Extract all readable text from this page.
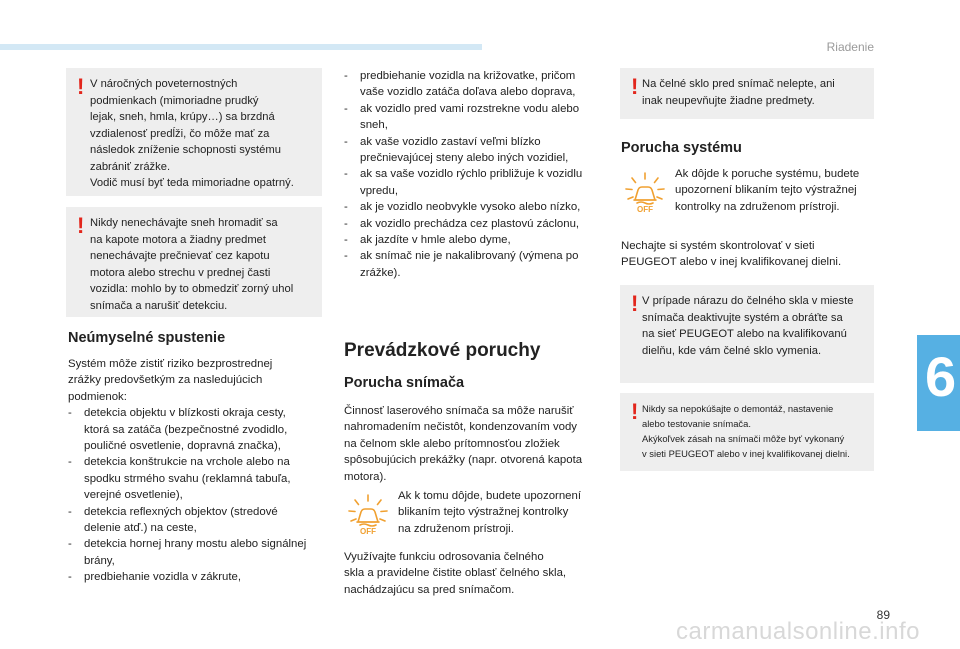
Riadenie
6
89
carmanualsonline.info
! V náročných poveternostných
podmienkach (mimoriadne prudký
lejak, sneh, hmla, krúpy…) sa brzdná
vzdialenosť predĺži, čo môže mať za
následok zníženie schopnosti systému
zabrániť zrážke.
Vodič musí byť teda mimoriadne opatrný.
! Nikdy nenechávajte sneh hromadiť sa
na kapote motora a žiadny predmet
nenechávajte prečnievať cez kapotu
motora alebo strechu v prednej časti
vozidla: mohlo by to obmedziť zorný uhol
snímača a narušiť detekciu.
Neúmyselné spustenie
Systém môže zistiť riziko bezprostrednej
zrážky predovšetkým za nasledujúcich
podmienok:
- detekcia objektu v blízkosti okraja cesty,
ktorá sa zatáča (bezpečnostné zvodidlo,
pouličné osvetlenie, dopravná značka),
- detekcia konštrukcie na vrchole alebo na
spodku strmého svahu (reklamná tabuľa,
verejné osvetlenie),
- detekcia reflexných objektov (stredové
delenie atď.) na ceste,
- detekcia hornej hrany mostu alebo signálnej
brány,
- predbiehanie vozidla v zákrute,
- predbiehanie vozidla na križovatke, pričom
vaše vozidlo zatáča doľava alebo doprava,
- ak vozidlo pred vami rozstrekne vodu alebo
sneh,
- ak vaše vozidlo zastaví veľmi blízko
prečnievajúcej steny alebo iných vozidiel,
- ak sa vaše vozidlo rýchlo približuje k vozidlu
vpredu,
- ak je vozidlo neobvykle vysoko alebo nízko,
- ak vozidlo prechádza cez plastovú záclonu,
- ak jazdíte v hmle alebo dyme,
- ak snímač nie je nakalibrovaný (výmena po
zrážke).
Prevádzkové poruchy
Porucha snímača
Činnosť laserového snímača sa môže narušiť
nahromadením nečistôt, kondenzovaním vody
na čelnom skle alebo prítomnosťou zložiek
spôsobujúcich prekážky (napr. otvorená kapota
motora).
Ak k tomu dôjde, budete upozornení
blikaním tejto výstražnej kontrolky
na združenom prístroji.
Využívajte funkciu odrosovania čelného
skla a pravidelne čistite oblasť čelného skla,
nachádzajúcu sa pred snímačom.
! Na čelné sklo pred snímač nelepte, ani
inak neupevňujte žiadne predmety.
Porucha systému
Ak dôjde k poruche systému, budete
upozornení blikaním tejto výstražnej
kontrolky na združenom prístroji.
Nechajte si systém skontrolovať v sieti
PEUGEOT alebo v inej kvalifikovanej dielni.
! V prípade nárazu do čelného skla v mieste
snímača deaktivujte systém a obráťte sa
na sieť PEUGEOT alebo na kvalifikovanú
dielňu, kde vám čelné sklo vymenia.
! Nikdy sa nepokúšajte o demontáž, nastavenie
alebo testovanie snímača.
Akýkoľvek zásah na snímači môže byť vykonaný
v sieti PEUGEOT alebo v inej kvalifikovanej dielni.
